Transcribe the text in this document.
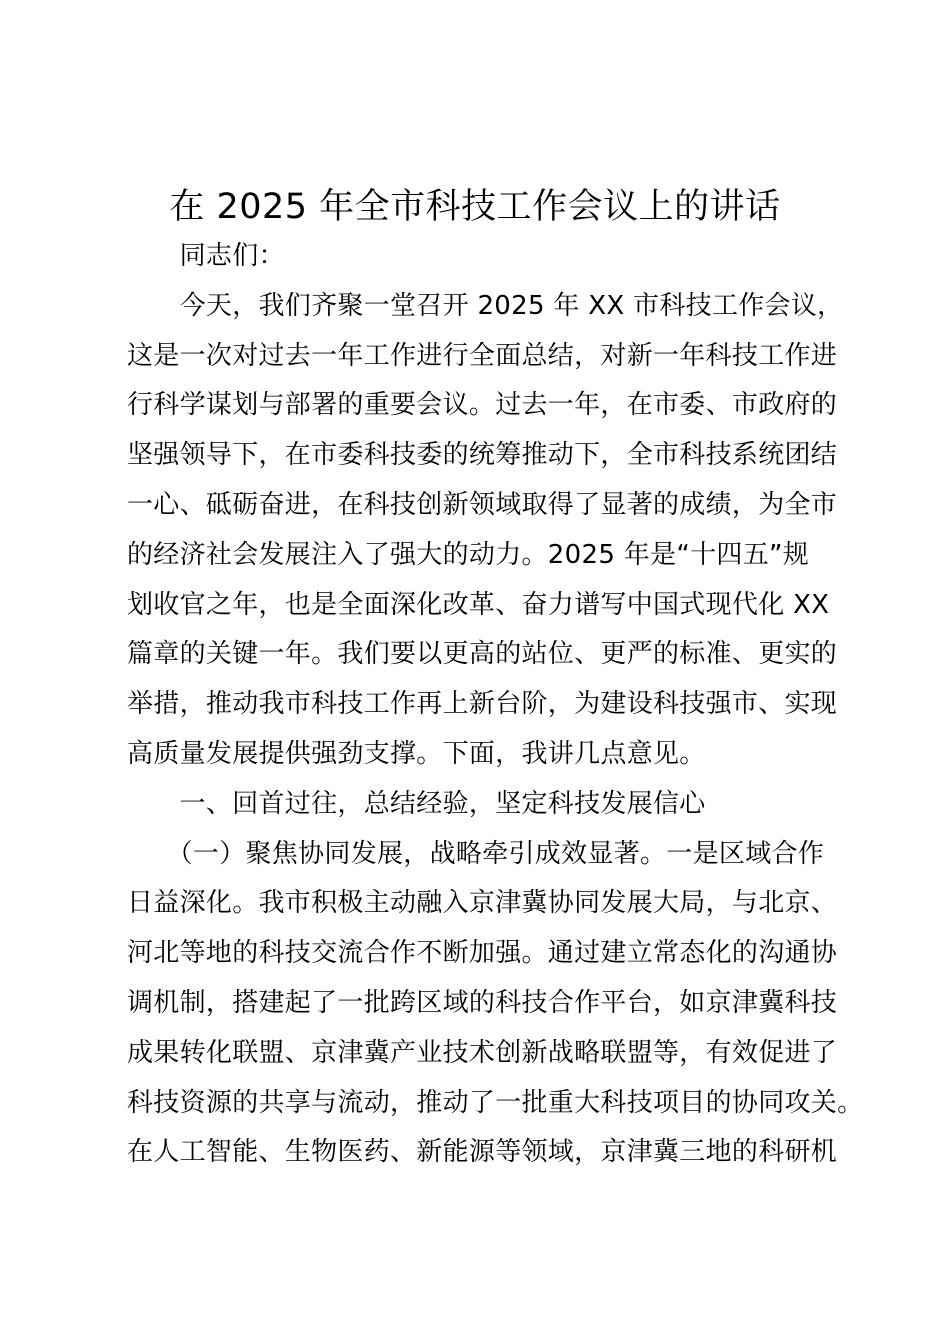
在 2025 年全市科技工作会议上的讲话
　　同志们：
　　今天，我们齐聚一堂召开 2025 年 XX 市科技工作会议，
这是一次对过去一年工作进行全面总结，对新一年科技工作进
行科学谋划与部署的重要会议。过去一年，在市委、市政府的
坚强领导下，在市委科技委的统筹推动下，全市科技系统团结
一心、砥砺奋进，在科技创新领域取得了显著的成绩，为全市
的经济社会发展注入了强大的动力。2025 年是“十四五”规
划收官之年，也是全面深化改革、奋力谱写中国式现代化 XX
篇章的关键一年。我们要以更高的站位、更严的标准、更实的
举措，推动我市科技工作再上新台阶，为建设科技强市、实现
高质量发展提供强劲支撑。下面，我讲几点意见。
　　一、回首过往，总结经验，坚定科技发展信心
　　（一）聚焦协同发展，战略牵引成效显著。一是区域合作
日益深化。我市积极主动融入京津冀协同发展大局，与北京、
河北等地的科技交流合作不断加强。通过建立常态化的沟通协
调机制，搭建起了一批跨区域的科技合作平台，如京津冀科技
成果转化联盟、京津冀产业技术创新战略联盟等，有效促进了
科技资源的共享与流动，推动了一批重大科技项目的协同攻关。
在人工智能、生物医药、新能源等领域，京津冀三地的科研机
